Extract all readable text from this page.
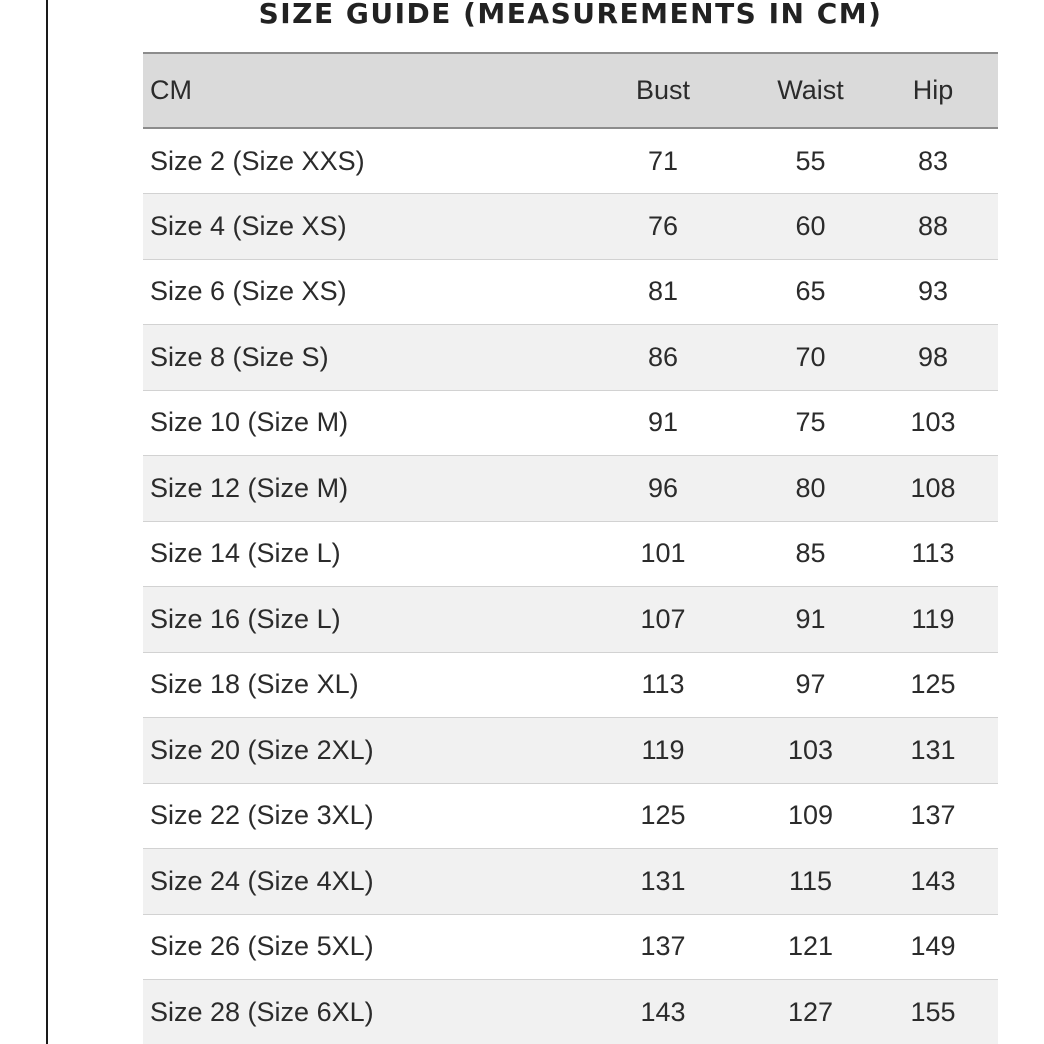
SIZE GUIDE (MEASUREMENTS IN CM)
CM	Bust	Waist	Hip
Size 2 (Size XXS)	71	55	83
Size 4 (Size XS)	76	60	88
Size 6 (Size XS)	81	65	93
Size 8 (Size S)	86	70	98
Size 10 (Size M)	91	75	103
Size 12 (Size M)	96	80	108
Size 14 (Size L)	101	85	113
Size 16 (Size L)	107	91	119
Size 18 (Size XL)	113	97	125
Size 20 (Size 2XL)	119	103	131
Size 22 (Size 3XL)	125	109	137
Size 24 (Size 4XL)	131	115	143
Size 26 (Size 5XL)	137	121	149
Size 28 (Size 6XL)	143	127	155
